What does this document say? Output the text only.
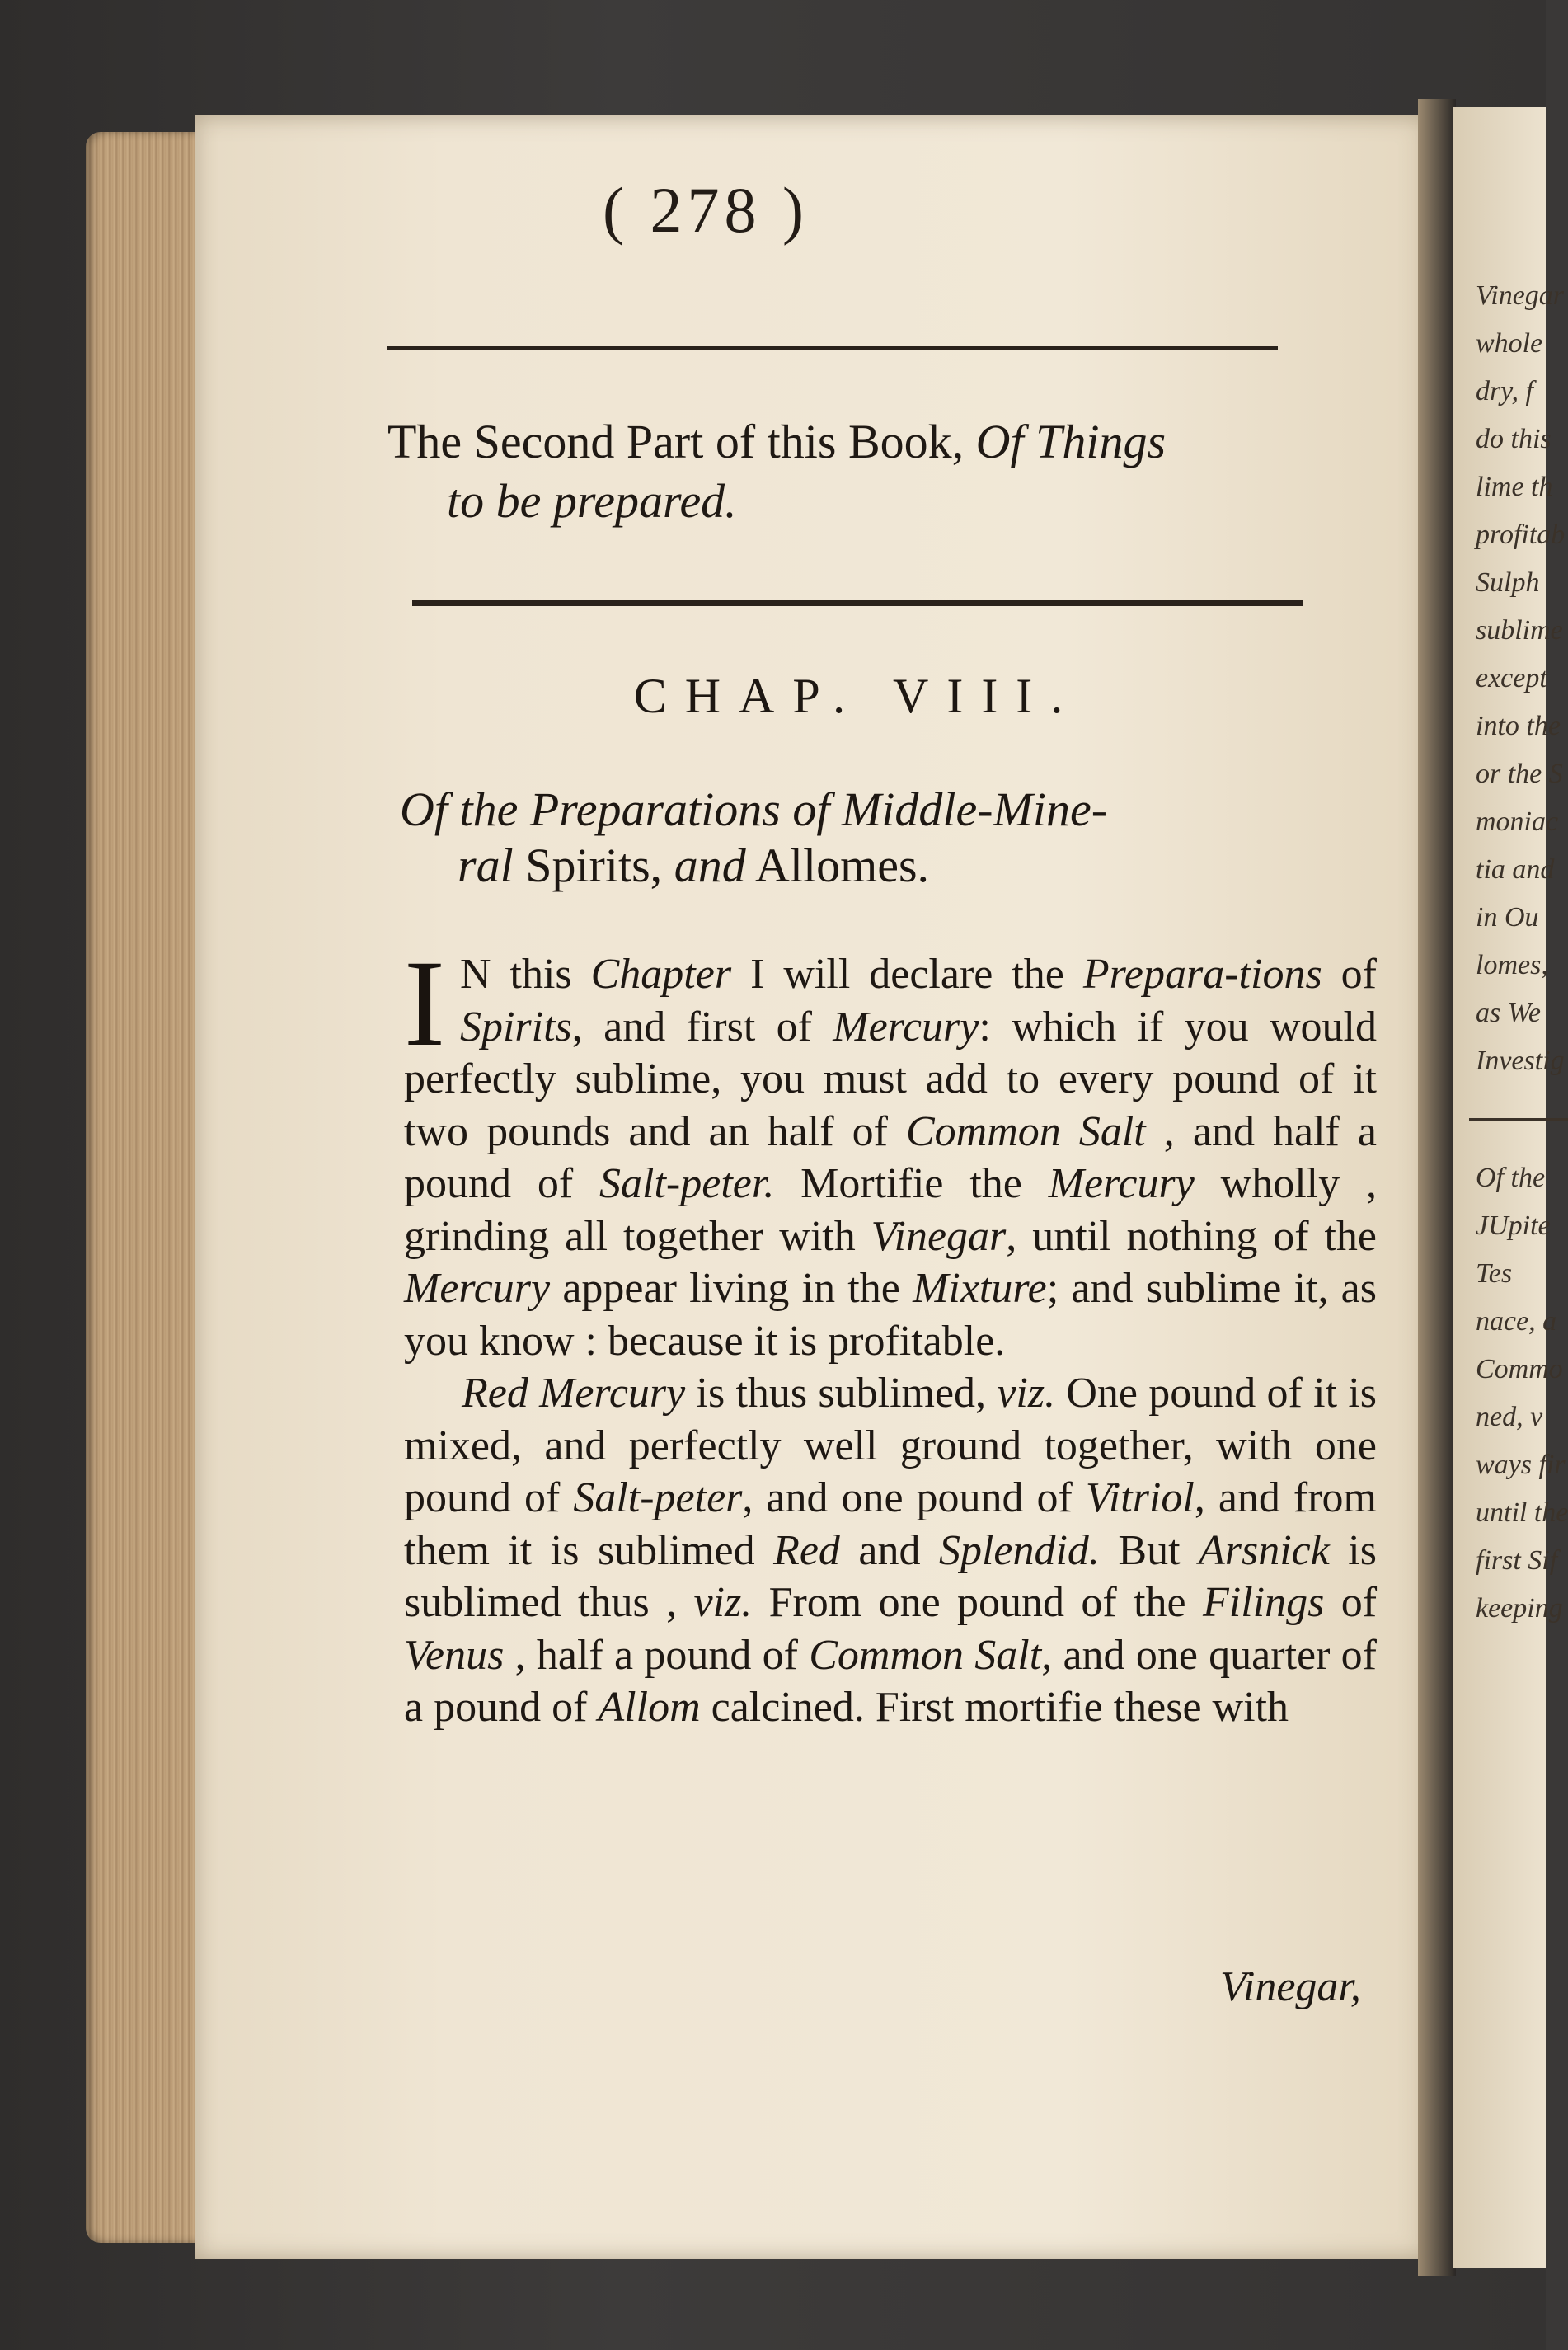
Vinegar
whole
dry, f
do this
lime th
profitab
Sulph
sublime
except
into the
or the S
moniac
tia and
in Ou
lomes,
as We
Investig
Of the
JUpite
Tes
nace, a
Commo
ned, v
ways fir
until the
first Sif
keeping
( 278 )
The Second Part of this Book, Of Things
to be prepared.
CHAP. VIII.
Of the Preparations of Middle-Mine-
ral Spirits, and Allomes.

I N this Chapter I will declare the Prepara-tions of Spirits, and first of Mercury: which if you would perfectly sublime, you must add to every pound of it two pounds and an half of Common Salt , and half a pound of Salt-peter. Mortifie the Mercury wholly , grinding all together with Vinegar, until nothing of the Mercury appear living in the Mixture; and sublime it, as you know : because it is profitable.

Red Mercury is thus sublimed, viz. One pound of it is mixed, and perfectly well ground together, with one pound of Salt-peter, and one pound of Vitriol, and from them it is sublimed Red and Splendid. But Arsnick is sublimed thus , viz. From one pound of the Filings of Venus , half a pound of Common Salt, and one quarter of a pound of Allom calcined. First mortifie these with

Vinegar,
